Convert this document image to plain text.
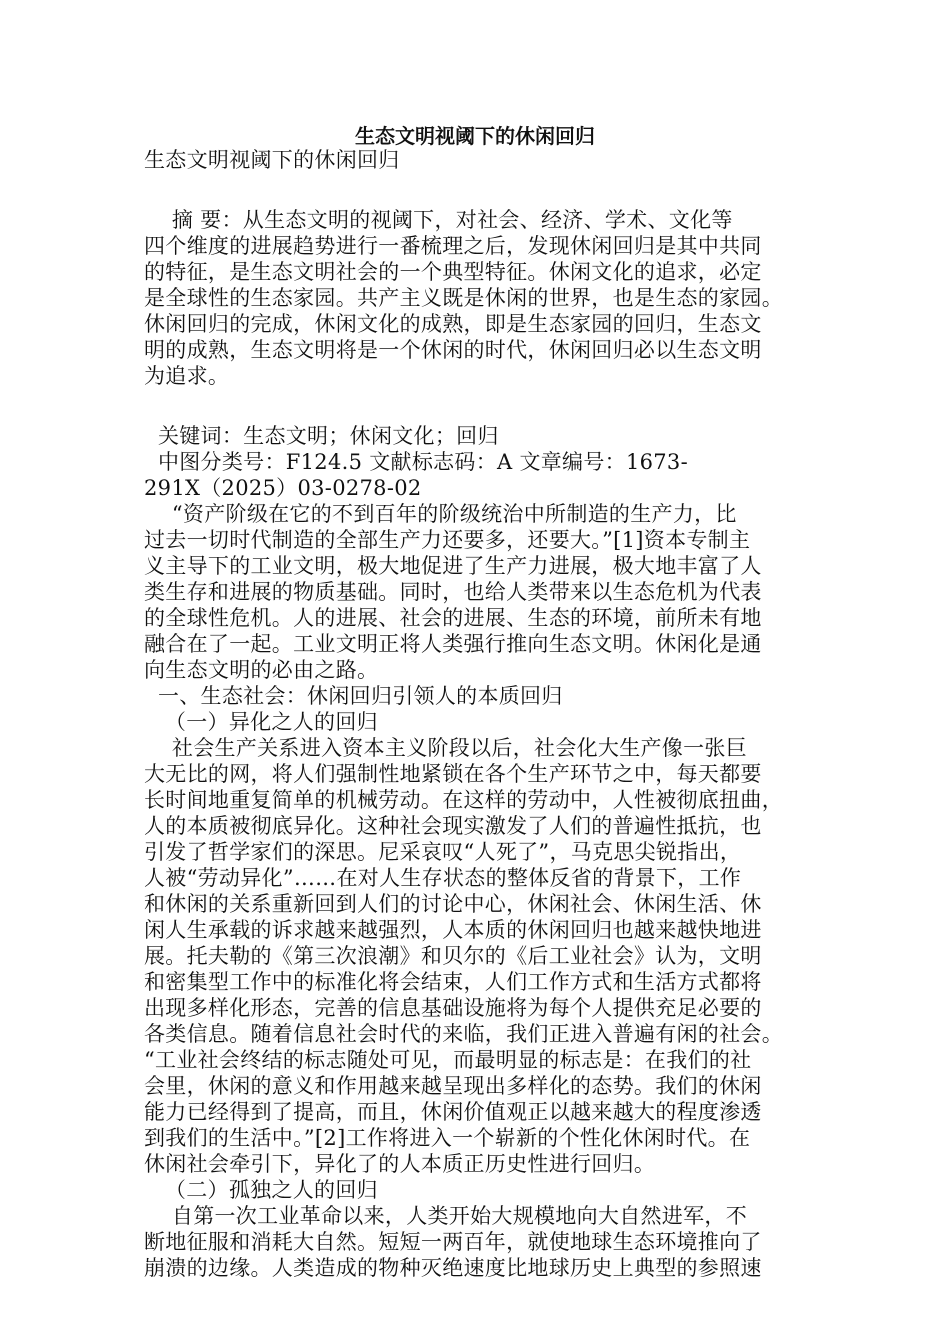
生态文明视阈下的休闲回归
生态文明视阈下的休闲回归
摘 要：从生态文明的视阈下，对社会、经济、学术、文化等
四个维度的进展趋势进行一番梳理之后，发现休闲回归是其中共同
的特征，是生态文明社会的一个典型特征。休闲文化的追求，必定
是全球性的生态家园。共产主义既是休闲的世界，也是生态的家园。
休闲回归的完成，休闲文化的成熟，即是生态家园的回归，生态文
明的成熟，生态文明将是一个休闲的时代，休闲回归必以生态文明
为追求。
关键词：生态文明；休闲文化；回归
中图分类号：F124.5 文献标志码：A 文章编号：1673-
291X（2025）03-0278-02
“资产阶级在它的不到百年的阶级统治中所制造的生产力，比
过去一切时代制造的全部生产力还要多，还要大。”[1]资本专制主
义主导下的工业文明，极大地促进了生产力进展，极大地丰富了人
类生存和进展的物质基础。同时，也给人类带来以生态危机为代表
的全球性危机。人的进展、社会的进展、生态的环境，前所未有地
融合在了一起。工业文明正将人类强行推向生态文明。休闲化是通
向生态文明的必由之路。
一、生态社会：休闲回归引领人的本质回归
（一）异化之人的回归
社会生产关系进入资本主义阶段以后，社会化大生产像一张巨
大无比的网，将人们强制性地紧锁在各个生产环节之中，每天都要
长时间地重复简单的机械劳动。在这样的劳动中，人性被彻底扭曲，
人的本质被彻底异化。这种社会现实激发了人们的普遍性抵抗，也
引发了哲学家们的深思。尼采哀叹“人死了”，马克思尖锐指出，
人被“劳动异化”……在对人生存状态的整体反省的背景下，工作
和休闲的关系重新回到人们的讨论中心，休闲社会、休闲生活、休
闲人生承载的诉求越来越强烈，人本质的休闲回归也越来越快地进
展。托夫勒的《第三次浪潮》和贝尔的《后工业社会》认为，文明
和密集型工作中的标准化将会结束，人们工作方式和生活方式都将
出现多样化形态，完善的信息基础设施将为每个人提供充足必要的
各类信息。随着信息社会时代的来临，我们正进入普遍有闲的社会。
“工业社会终结的标志随处可见，而最明显的标志是：在我们的社
会里，休闲的意义和作用越来越呈现出多样化的态势。我们的休闲
能力已经得到了提高，而且，休闲价值观正以越来越大的程度渗透
到我们的生活中。”[2]工作将进入一个崭新的个性化休闲时代。在
休闲社会牵引下，异化了的人本质正历史性进行回归。
（二）孤独之人的回归
自第一次工业革命以来，人类开始大规模地向大自然进军，不
断地征服和消耗大自然。短短一两百年，就使地球生态环境推向了
崩溃的边缘。人类造成的物种灭绝速度比地球历史上典型的参照速
